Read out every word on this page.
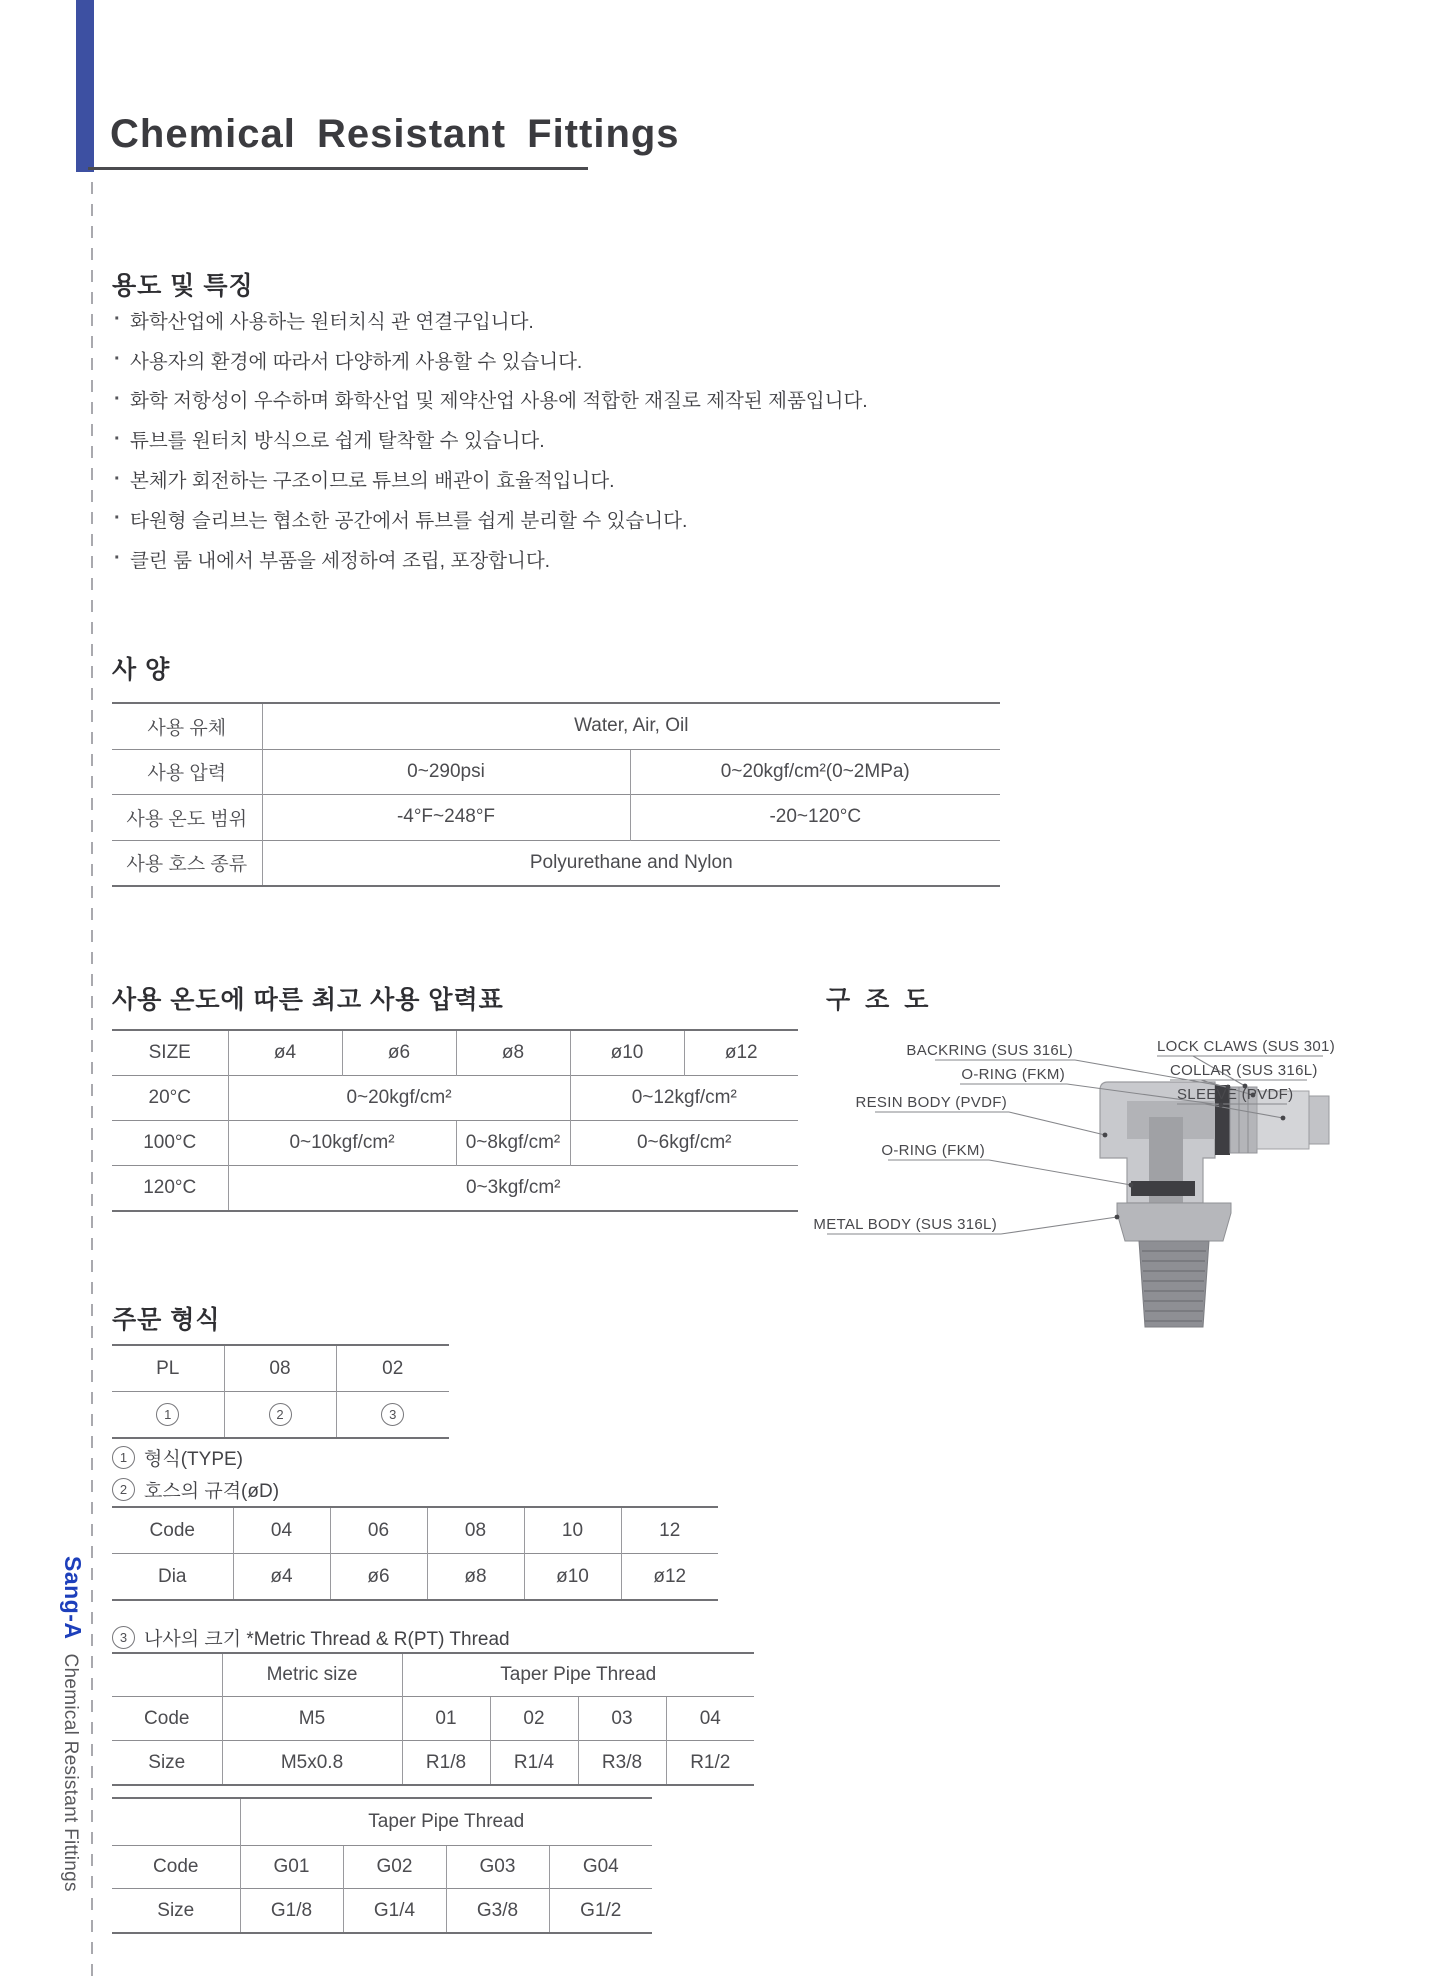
Chemical Resistant Fittings
용도 및 특징
· 화학산업에 사용하는 원터치식 관 연결구입니다.
· 사용자의 환경에 따라서 다양하게 사용할 수 있습니다.
· 화학 저항성이 우수하며 화학산업 및 제약산업 사용에 적합한 재질로 제작된 제품입니다.
· 튜브를 원터치 방식으로 쉽게 탈착할 수 있습니다.
· 본체가 회전하는 구조이므로 튜브의 배관이 효율적입니다.
· 타원형 슬리브는 협소한 공간에서 튜브를 쉽게 분리할 수 있습니다.
· 클린 룸 내에서 부품을 세정하여 조립, 포장합니다.
사 양
사용 유체	Water, Air, Oil	
사용 압력	0~290psi	0~20kgf/cm²(0~2MPa)
사용 온도 범위	-4°F~248°F	-20~120°C
사용 호스 종류	Polyurethane and Nylon	
사용 온도에 따른 최고 사용 압력표
SIZE	ø4	ø6	ø8	ø10	ø12
20°C	0~20kgf/cm²			0~12kgf/cm²	
100°C	0~10kgf/cm²		0~8kgf/cm²	0~6kgf/cm²	
120°C	0~3kgf/cm²				
구 조 도
BACKRING (SUS 316L)	LOCK CLAWS (SUS 301)
O-RING (FKM)	COLLAR (SUS 316L)
RESIN BODY (PVDF)	SLEEVE (PVDF)
O-RING (FKM)
METAL BODY (SUS 316L)
주문 형식
PL	08	02
1	2	3
1 형식(TYPE)
2 호스의 규격(øD)
Code	04	06	08	10	12
Dia	ø4	ø6	ø8	ø10	ø12
3 나사의 크기 *Metric Thread & R(PT) Thread
	Metric size	Taper Pipe Thread			
Code	M5	01	02	03	04
Size	M5x0.8	R1/8	R1/4	R3/8	R1/2
	Taper Pipe Thread			
Code	G01	G02	G03	G04
Size	G1/8	G1/4	G3/8	G1/2
Sang-AChemical Resistant Fittings
